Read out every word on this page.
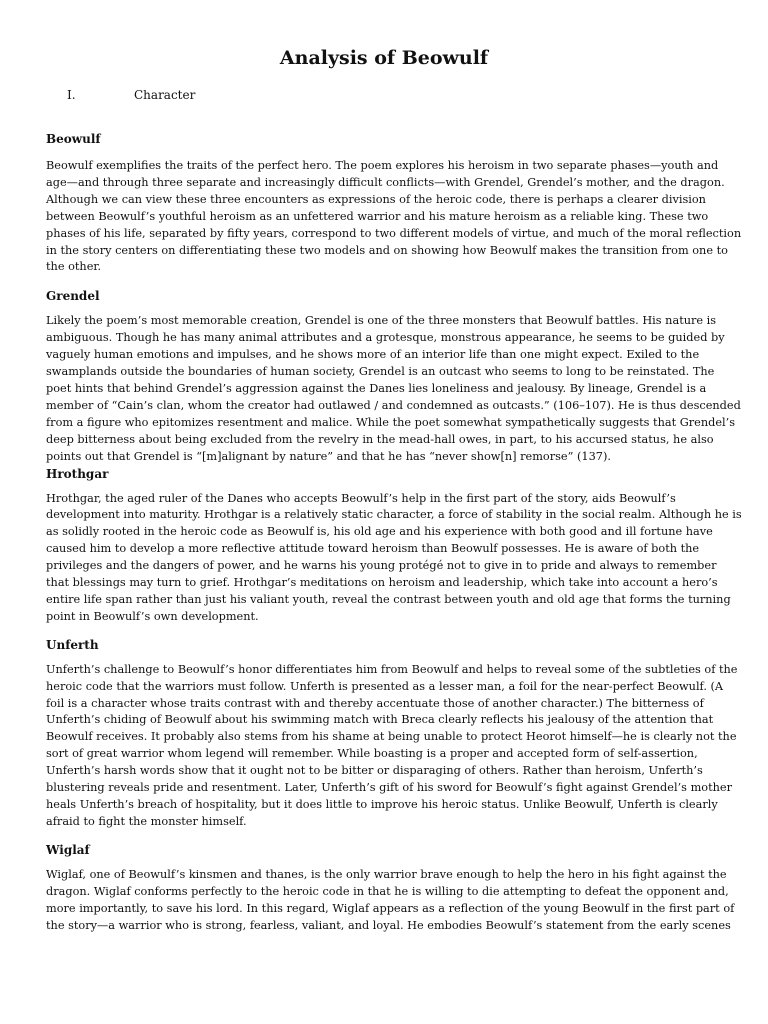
Analysis of Beowulf
I.	Character
Beowulf
Beowulf exemplifies the traits of the perfect hero. The poem explores his heroism in two separate phases—youth and
age—and through three separate and increasingly difficult conflicts—with Grendel, Grendel’s mother, and the dragon.
Although we can view these three encounters as expressions of the heroic code, there is perhaps a clearer division
between Beowulf’s youthful heroism as an unfettered warrior and his mature heroism as a reliable king. These two
phases of his life, separated by fifty years, correspond to two different models of virtue, and much of the moral reflection
in the story centers on differentiating these two models and on showing how Beowulf makes the transition from one to
the other.
Grendel
Likely the poem’s most memorable creation, Grendel is one of the three monsters that Beowulf battles. His nature is
ambiguous. Though he has many animal attributes and a grotesque, monstrous appearance, he seems to be guided by
vaguely human emotions and impulses, and he shows more of an interior life than one might expect. Exiled to the
swamplands outside the boundaries of human society, Grendel is an outcast who seems to long to be reinstated. The
poet hints that behind Grendel’s aggression against the Danes lies loneliness and jealousy. By lineage, Grendel is a
member of “Cain’s clan, whom the creator had outlawed / and condemned as outcasts.” (106–107). He is thus descended
from a figure who epitomizes resentment and malice. While the poet somewhat sympathetically suggests that Grendel’s
deep bitterness about being excluded from the revelry in the mead-hall owes, in part, to his accursed status, he also
points out that Grendel is “[m]alignant by nature” and that he has “never show[n] remorse” (137).
Hrothgar
Hrothgar, the aged ruler of the Danes who accepts Beowulf’s help in the first part of the story, aids Beowulf’s
development into maturity. Hrothgar is a relatively static character, a force of stability in the social realm. Although he is
as solidly rooted in the heroic code as Beowulf is, his old age and his experience with both good and ill fortune have
caused him to develop a more reflective attitude toward heroism than Beowulf possesses. He is aware of both the
privileges and the dangers of power, and he warns his young protégé not to give in to pride and always to remember
that blessings may turn to grief. Hrothgar’s meditations on heroism and leadership, which take into account a hero’s
entire life span rather than just his valiant youth, reveal the contrast between youth and old age that forms the turning
point in Beowulf’s own development.
Unferth
Unferth’s challenge to Beowulf’s honor differentiates him from Beowulf and helps to reveal some of the subtleties of the
heroic code that the warriors must follow. Unferth is presented as a lesser man, a foil for the near-perfect Beowulf. (A
foil is a character whose traits contrast with and thereby accentuate those of another character.) The bitterness of
Unferth’s chiding of Beowulf about his swimming match with Breca clearly reflects his jealousy of the attention that
Beowulf receives. It probably also stems from his shame at being unable to protect Heorot himself—he is clearly not the
sort of great warrior whom legend will remember. While boasting is a proper and accepted form of self-assertion,
Unferth’s harsh words show that it ought not to be bitter or disparaging of others. Rather than heroism, Unferth’s
blustering reveals pride and resentment. Later, Unferth’s gift of his sword for Beowulf’s fight against Grendel’s mother
heals Unferth’s breach of hospitality, but it does little to improve his heroic status. Unlike Beowulf, Unferth is clearly
afraid to fight the monster himself.
Wiglaf
Wiglaf, one of Beowulf’s kinsmen and thanes, is the only warrior brave enough to help the hero in his fight against the
dragon. Wiglaf conforms perfectly to the heroic code in that he is willing to die attempting to defeat the opponent and,
more importantly, to save his lord. In this regard, Wiglaf appears as a reflection of the young Beowulf in the first part of
the story—a warrior who is strong, fearless, valiant, and loyal. He embodies Beowulf’s statement from the early scenes
